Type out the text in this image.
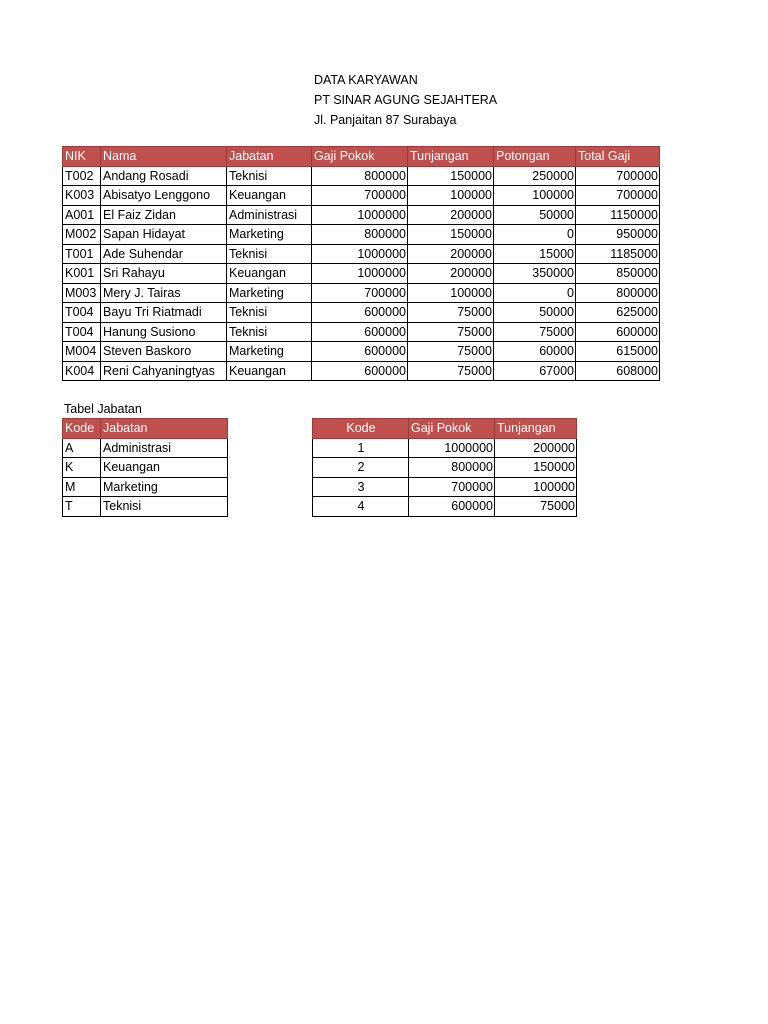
DATA KARYAWAN
PT SINAR AGUNG SEJAHTERA
Jl. Panjaitan 87 Surabaya
NIK	Nama	Jabatan	Gaji Pokok	Tunjangan	Potongan	Total Gaji
T002	Andang Rosadi	Teknisi	800000	150000	250000	700000
K003	Abisatyo Lenggono	Keuangan	700000	100000	100000	700000
A001	El Faiz Zidan	Administrasi	1000000	200000	50000	1150000
M002	Sapan Hidayat	Marketing	800000	150000	0	950000
T001	Ade Suhendar	Teknisi	1000000	200000	15000	1185000
K001	Sri Rahayu	Keuangan	1000000	200000	350000	850000
M003	Mery J. Tairas	Marketing	700000	100000	0	800000
T004	Bayu Tri Riatmadi	Teknisi	600000	75000	50000	625000
T004	Hanung Susiono	Teknisi	600000	75000	75000	600000
M004	Steven Baskoro	Marketing	600000	75000	60000	615000
K004	Reni Cahyaningtyas	Keuangan	600000	75000	67000	608000
Tabel Jabatan
Kode	Jabatan
A	Administrasi
K	Keuangan
M	Marketing
T	Teknisi
Kode	Gaji Pokok	Tunjangan
1	1000000	200000
2	800000	150000
3	700000	100000
4	600000	75000
